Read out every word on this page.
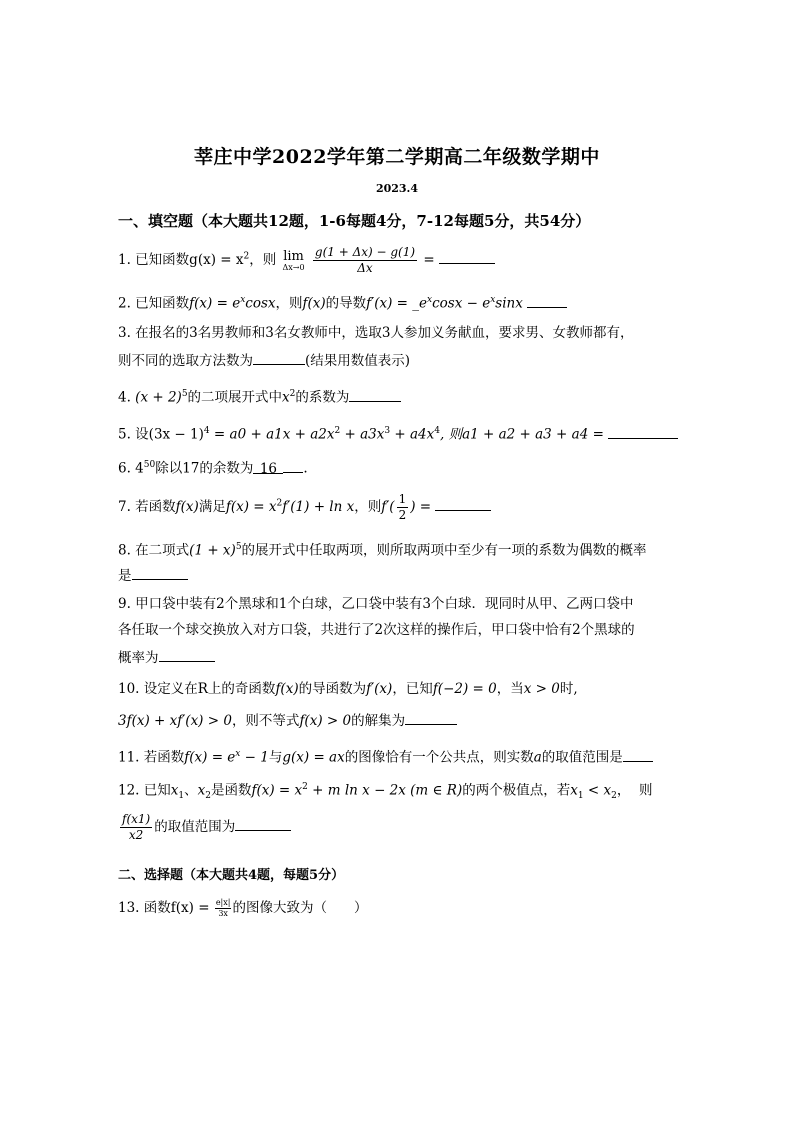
莘庄中学2022学年第二学期高二年级数学期中
2023.4
一、填空题（本大题共12题，1-6每题4分，7-12每题5分，共54分）
1. 已知函数$g(x) = x^2$，则 lim
Δx→0
$\frac{g(1 + \Delta x) - g(1)}{\Delta x}$ =
2. 已知函数$f(x) = e^x\cos x$，则f(x)的导数$f'(x) = \_e^x\cos x - e^x\sin x$
3. 在报名的3名男教师和3名女教师中，选取3人参加义务献血，要求男、女教师都有，
则不同的选取方法数为	(结果用数值表示)
4. $(x + 2)^5$的二项展开式中$x^2$的系数为
5. 设$(3x - 1)^4 = a0 + a1x + a2x^2 + a3x^3 + a4x^4$, 则a1 + a2 + a3 + a4 =
6. $4^{50}$除以17的余数为 16 .
7. 若函数f(x)满足$f(x) = x^2f'(1) + \ln x$，则$f'( \frac{1}{2}$ ) =
8. 在二项式$(1 + x)^5$的展开式中任取两项，则所取两项中至少有一项的系数为偶数的概率
是
9. 甲口袋中装有2个黑球和1个白球，乙口袋中装有3个白球．现同时从甲、乙两口袋中
各任取一个球交换放入对方口袋，共进行了2次这样的操作后，甲口袋中恰有2个黑球的
概率为
10. 设定义在R上的奇函数f(x)的导函数为f′(x)，已知f(−2) = 0，当x > 0时,
3f(x) + xf′(x) > 0，则不等式f(x) > 0的解集为
11. 若函数$f(x) = e^x - 1$与g(x) = ax的图像恰有一个公共点，则实数a的取值范围是
12. 已知$x_1$、$x_2$是函数$f(x) = x^2 + m$ ln x − 2x (m ∈ R)的两个极值点，若$x_1 < x_2$， 则
$\frac{f(x1)}{x2}$ 的取值范围为
二、选择题（本大题共4题，每题5分）
13. 函数$f(x) = \frac{e|x|}{3x}$ 的图像大致为（　　）
